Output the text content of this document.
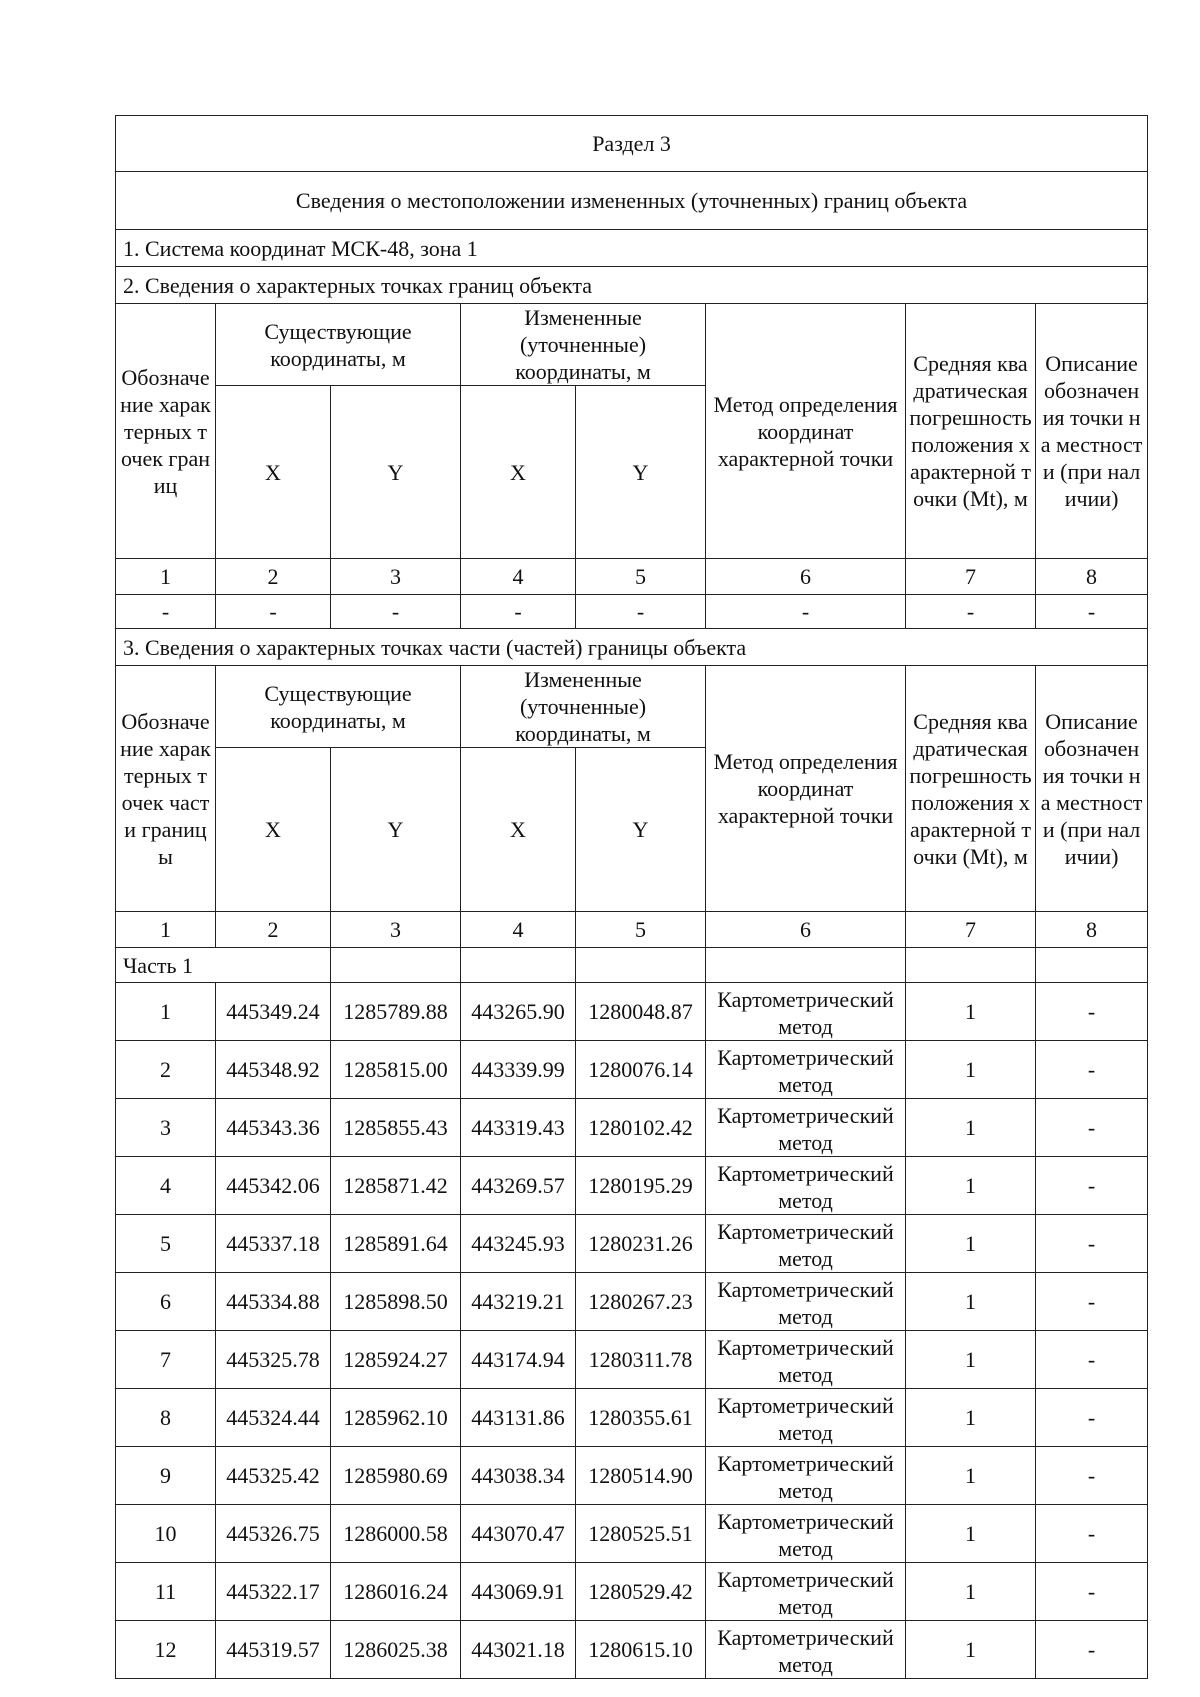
Раздел 3							
Сведения о местоположении измененных (уточненных) границ объекта							
1. Система координат МСК-48, зона 1							
2. Сведения о характерных точках границ объекта							
Обозначение характерных точек границ	Существующие координаты, м		Измененные (уточненные) координаты, м		Метод определения координат характерной точки	Средняя квадратическая погрешность положения характерной точки (Mt), м	Описание обозначения точки на местности (при наличии)
	X	Y	X	Y			
1	2	3	4	5	6	7	8
-	-	-	-	-	-	-	-
3. Сведения о характерных точках части (частей) границы объекта							
Обозначение характерных точек части границы	Существующие координаты, м		Измененные (уточненные) координаты, м		Метод определения координат характерной точки	Средняя квадратическая погрешность положения характерной точки (Mt), м	Описание обозначения точки на местности (при наличии)
	X	Y	X	Y			
1	2	3	4	5	6	7	8
Часть 1							
1	445349.24	1285789.88	443265.90	1280048.87	Картометрический метод	1	-
2	445348.92	1285815.00	443339.99	1280076.14	Картометрический метод	1	-
3	445343.36	1285855.43	443319.43	1280102.42	Картометрический метод	1	-
4	445342.06	1285871.42	443269.57	1280195.29	Картометрический метод	1	-
5	445337.18	1285891.64	443245.93	1280231.26	Картометрический метод	1	-
6	445334.88	1285898.50	443219.21	1280267.23	Картометрический метод	1	-
7	445325.78	1285924.27	443174.94	1280311.78	Картометрический метод	1	-
8	445324.44	1285962.10	443131.86	1280355.61	Картометрический метод	1	-
9	445325.42	1285980.69	443038.34	1280514.90	Картометрический метод	1	-
10	445326.75	1286000.58	443070.47	1280525.51	Картометрический метод	1	-
11	445322.17	1286016.24	443069.91	1280529.42	Картометрический метод	1	-
12	445319.57	1286025.38	443021.18	1280615.10	Картометрический метод	1	-
